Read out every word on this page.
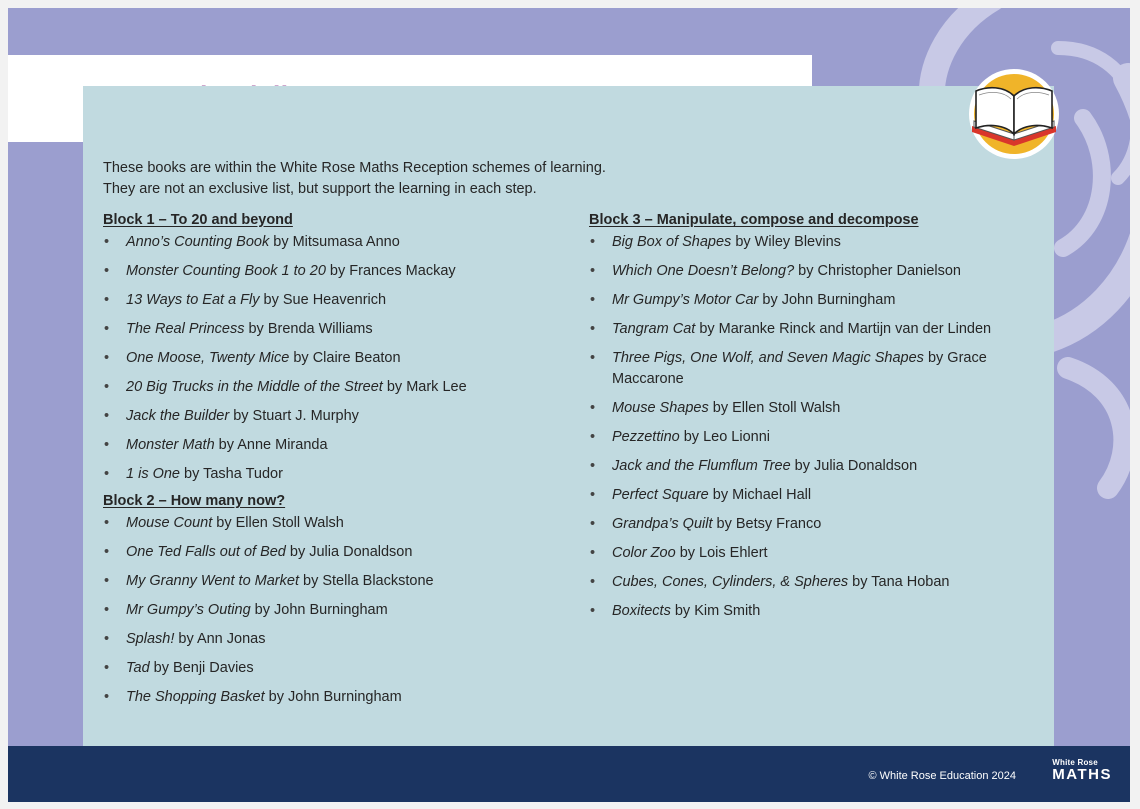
These books are within the White Rose Maths Reception schemes of learning.

They are not an exclusive list, but support the learning in each step.

Block 1 – To 20 and beyond
• Anno’s Counting Book by Mitsumasa Anno
• Monster Counting Book 1 to 20 by Frances Mackay
• 13 Ways to Eat a Fly by Sue Heavenrich
• The Real Princess by Brenda Williams
• One Moose, Twenty Mice by Claire Beaton
• 20 Big Trucks in the Middle of the Street by Mark Lee
• Jack the Builder by Stuart J. Murphy
• Monster Math by Anne Miranda
• 1 is One by Tasha Tudor
Block 2 – How many now?
• Mouse Count by Ellen Stoll Walsh
• One Ted Falls out of Bed by Julia Donaldson
• My Granny Went to Market by Stella Blackstone
• Mr Gumpy’s Outing by John Burningham
• Splash! by Ann Jonas
• Tad by Benji Davies
• The Shopping Basket by John Burningham
Block 3 – Manipulate, compose and decompose
• Big Box of Shapes by Wiley Blevins
• Which One Doesn’t Belong? by Christopher Danielson
• Mr Gumpy’s Motor Car by John Burningham
• Tangram Cat by Maranke Rinck and Martijn van der Linden
• Three Pigs, One Wolf, and Seven Magic Shapes by Grace Maccarone
• Mouse Shapes by Ellen Stoll Walsh
• Pezzettino by Leo Lionni
• Jack and the Flumflum Tree by Julia Donaldson
• Perfect Square by Michael Hall
• Grandpa’s Quilt by Betsy Franco
• Color Zoo by Lois Ehlert
• Cubes, Cones, Cylinders, & Spheres by Tana Hoban
• Boxitects by Kim Smith
© White Rose Education 2024
White Rose
MATHS
